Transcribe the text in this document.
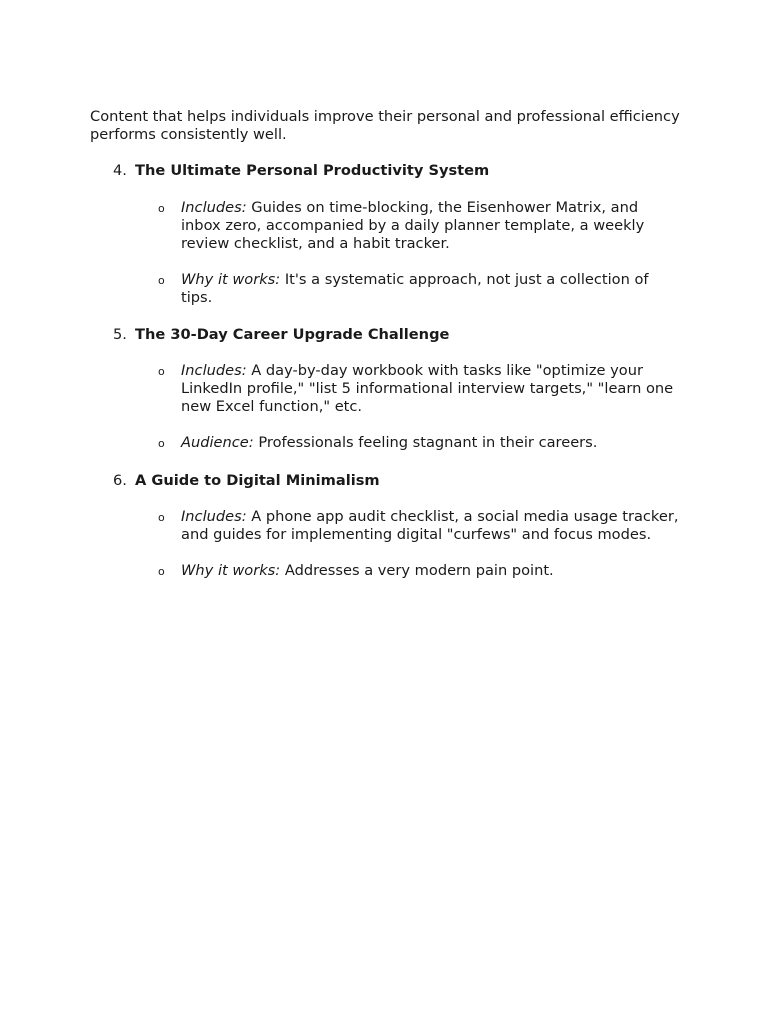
Content that helps individuals improve their personal and professional efficiency performs consistently well.

4. The Ultimate Personal Productivity System
o	Includes: Guides on time-blocking, the Eisenhower Matrix, and inbox zero, accompanied by a daily planner template, a weekly review checklist, and a habit tracker.
o	Why it works: It's a systematic approach, not just a collection of tips.
5. The 30-Day Career Upgrade Challenge
o	Includes: A day-by-day workbook with tasks like "optimize your LinkedIn profile," "list 5 informational interview targets," "learn one new Excel function," etc.
o	Audience: Professionals feeling stagnant in their careers.
6. A Guide to Digital Minimalism
o	Includes: A phone app audit checklist, a social media usage tracker, and guides for implementing digital "curfews" and focus modes.
o	Why it works: Addresses a very modern pain point.
